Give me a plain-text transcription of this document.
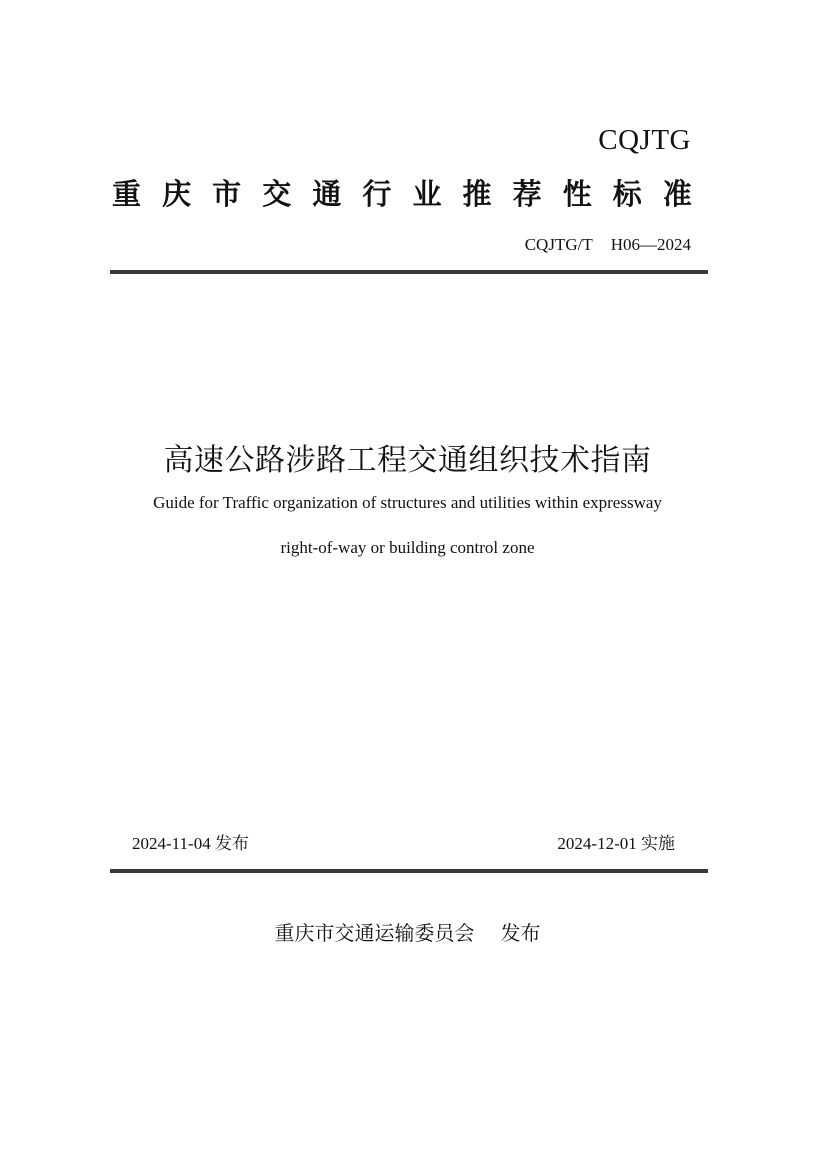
CQJTG
重 庆 市 交 通 行 业 推 荐 性 标 准
CQJTG/T H06—2024
高速公路涉路工程交通组织技术指南
Guide for Traffic organization of structures and utilities within expressway
right-of-way or building control zone
2024-11-04 发布	2024-12-01 实施
重庆市交通运输委员会 发布
